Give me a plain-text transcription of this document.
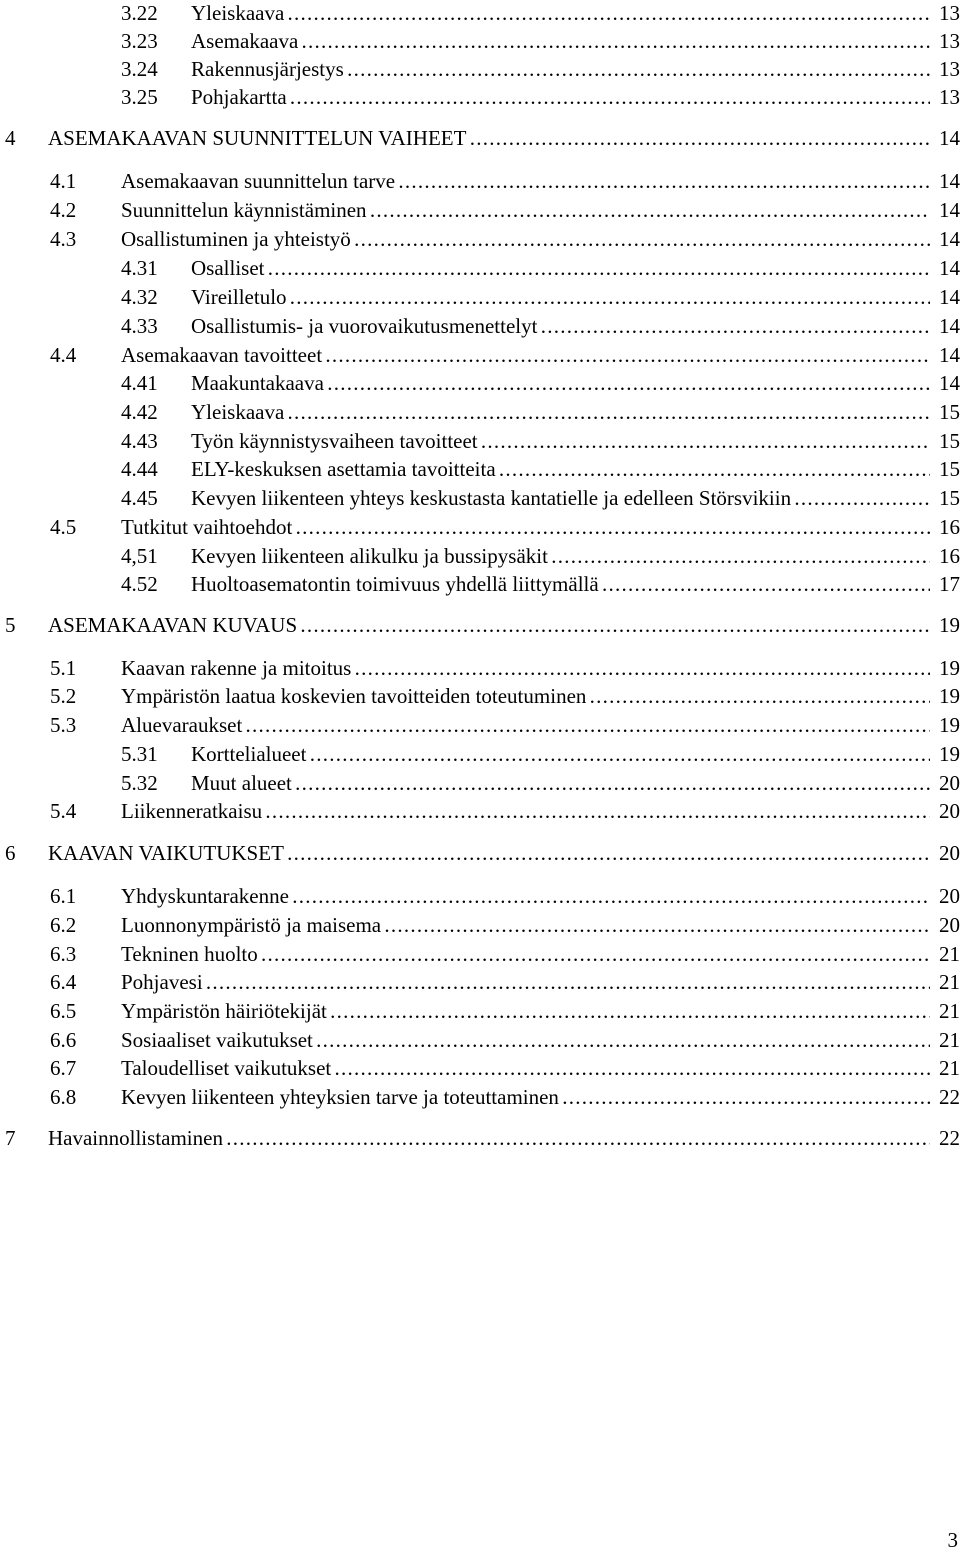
3.22 Yleiskaava . . .	13
3.23 Asemakaava . . .	13
3.24 Rakennusjärjestys . . .	13
3.25 Pohjakartta . . .	13
4 ASEMAKAAVAN SUUNNITTELUN VAIHEET . . .	14
4.1 Asemakaavan suunnittelun tarve . . .	14
4.2 Suunnittelun käynnistäminen . . .	14
4.3 Osallistuminen ja yhteistyö . . .	14
4.31 Osalliset . . .	14
4.32 Vireilletulo . . .	14
4.33 Osallistumis- ja vuorovaikutusmenettelyt . . .	14
4.4 Asemakaavan tavoitteet . . .	14
4.41 Maakuntakaava . . .	14
4.42 Yleiskaava . . .	15
4.43 Työn käynnistysvaiheen tavoitteet . . .	15
4.44 ELY-keskuksen asettamia tavoitteita . . .	15
4.45 Kevyen liikenteen yhteys keskustasta kantatielle ja edelleen Störsvikiin . . .	15
4.5 Tutkitut vaihtoehdot . . .	16
4,51 Kevyen liikenteen alikulku ja bussipysäkit . . .	16
4.52 Huoltoasematontin toimivuus yhdellä liittymällä . . .	17
5 ASEMAKAAVAN KUVAUS . . .	19
5.1 Kaavan rakenne ja mitoitus . . .	19
5.2 Ympäristön laatua koskevien tavoitteiden toteutuminen . . .	19
5.3 Aluevaraukset . . .	19
5.31 Korttelialueet . . .	19
5.32 Muut alueet . . .	20
5.4 Liikenneratkaisu . . .	20
6 KAAVAN VAIKUTUKSET . . .	20
6.1 Yhdyskuntarakenne . . .	20
6.2 Luonnonympäristö ja maisema . . .	20
6.3 Tekninen huolto . . .	21
6.4 Pohjavesi . . .	21
6.5 Ympäristön häiriötekijät . . .	21
6.6 Sosiaaliset vaikutukset . . .	21
6.7 Taloudelliset vaikutukset . . .	21
6.8 Kevyen liikenteen yhteyksien tarve ja toteuttaminen . . .	22
7 Havainnollistaminen . . .	22
3
